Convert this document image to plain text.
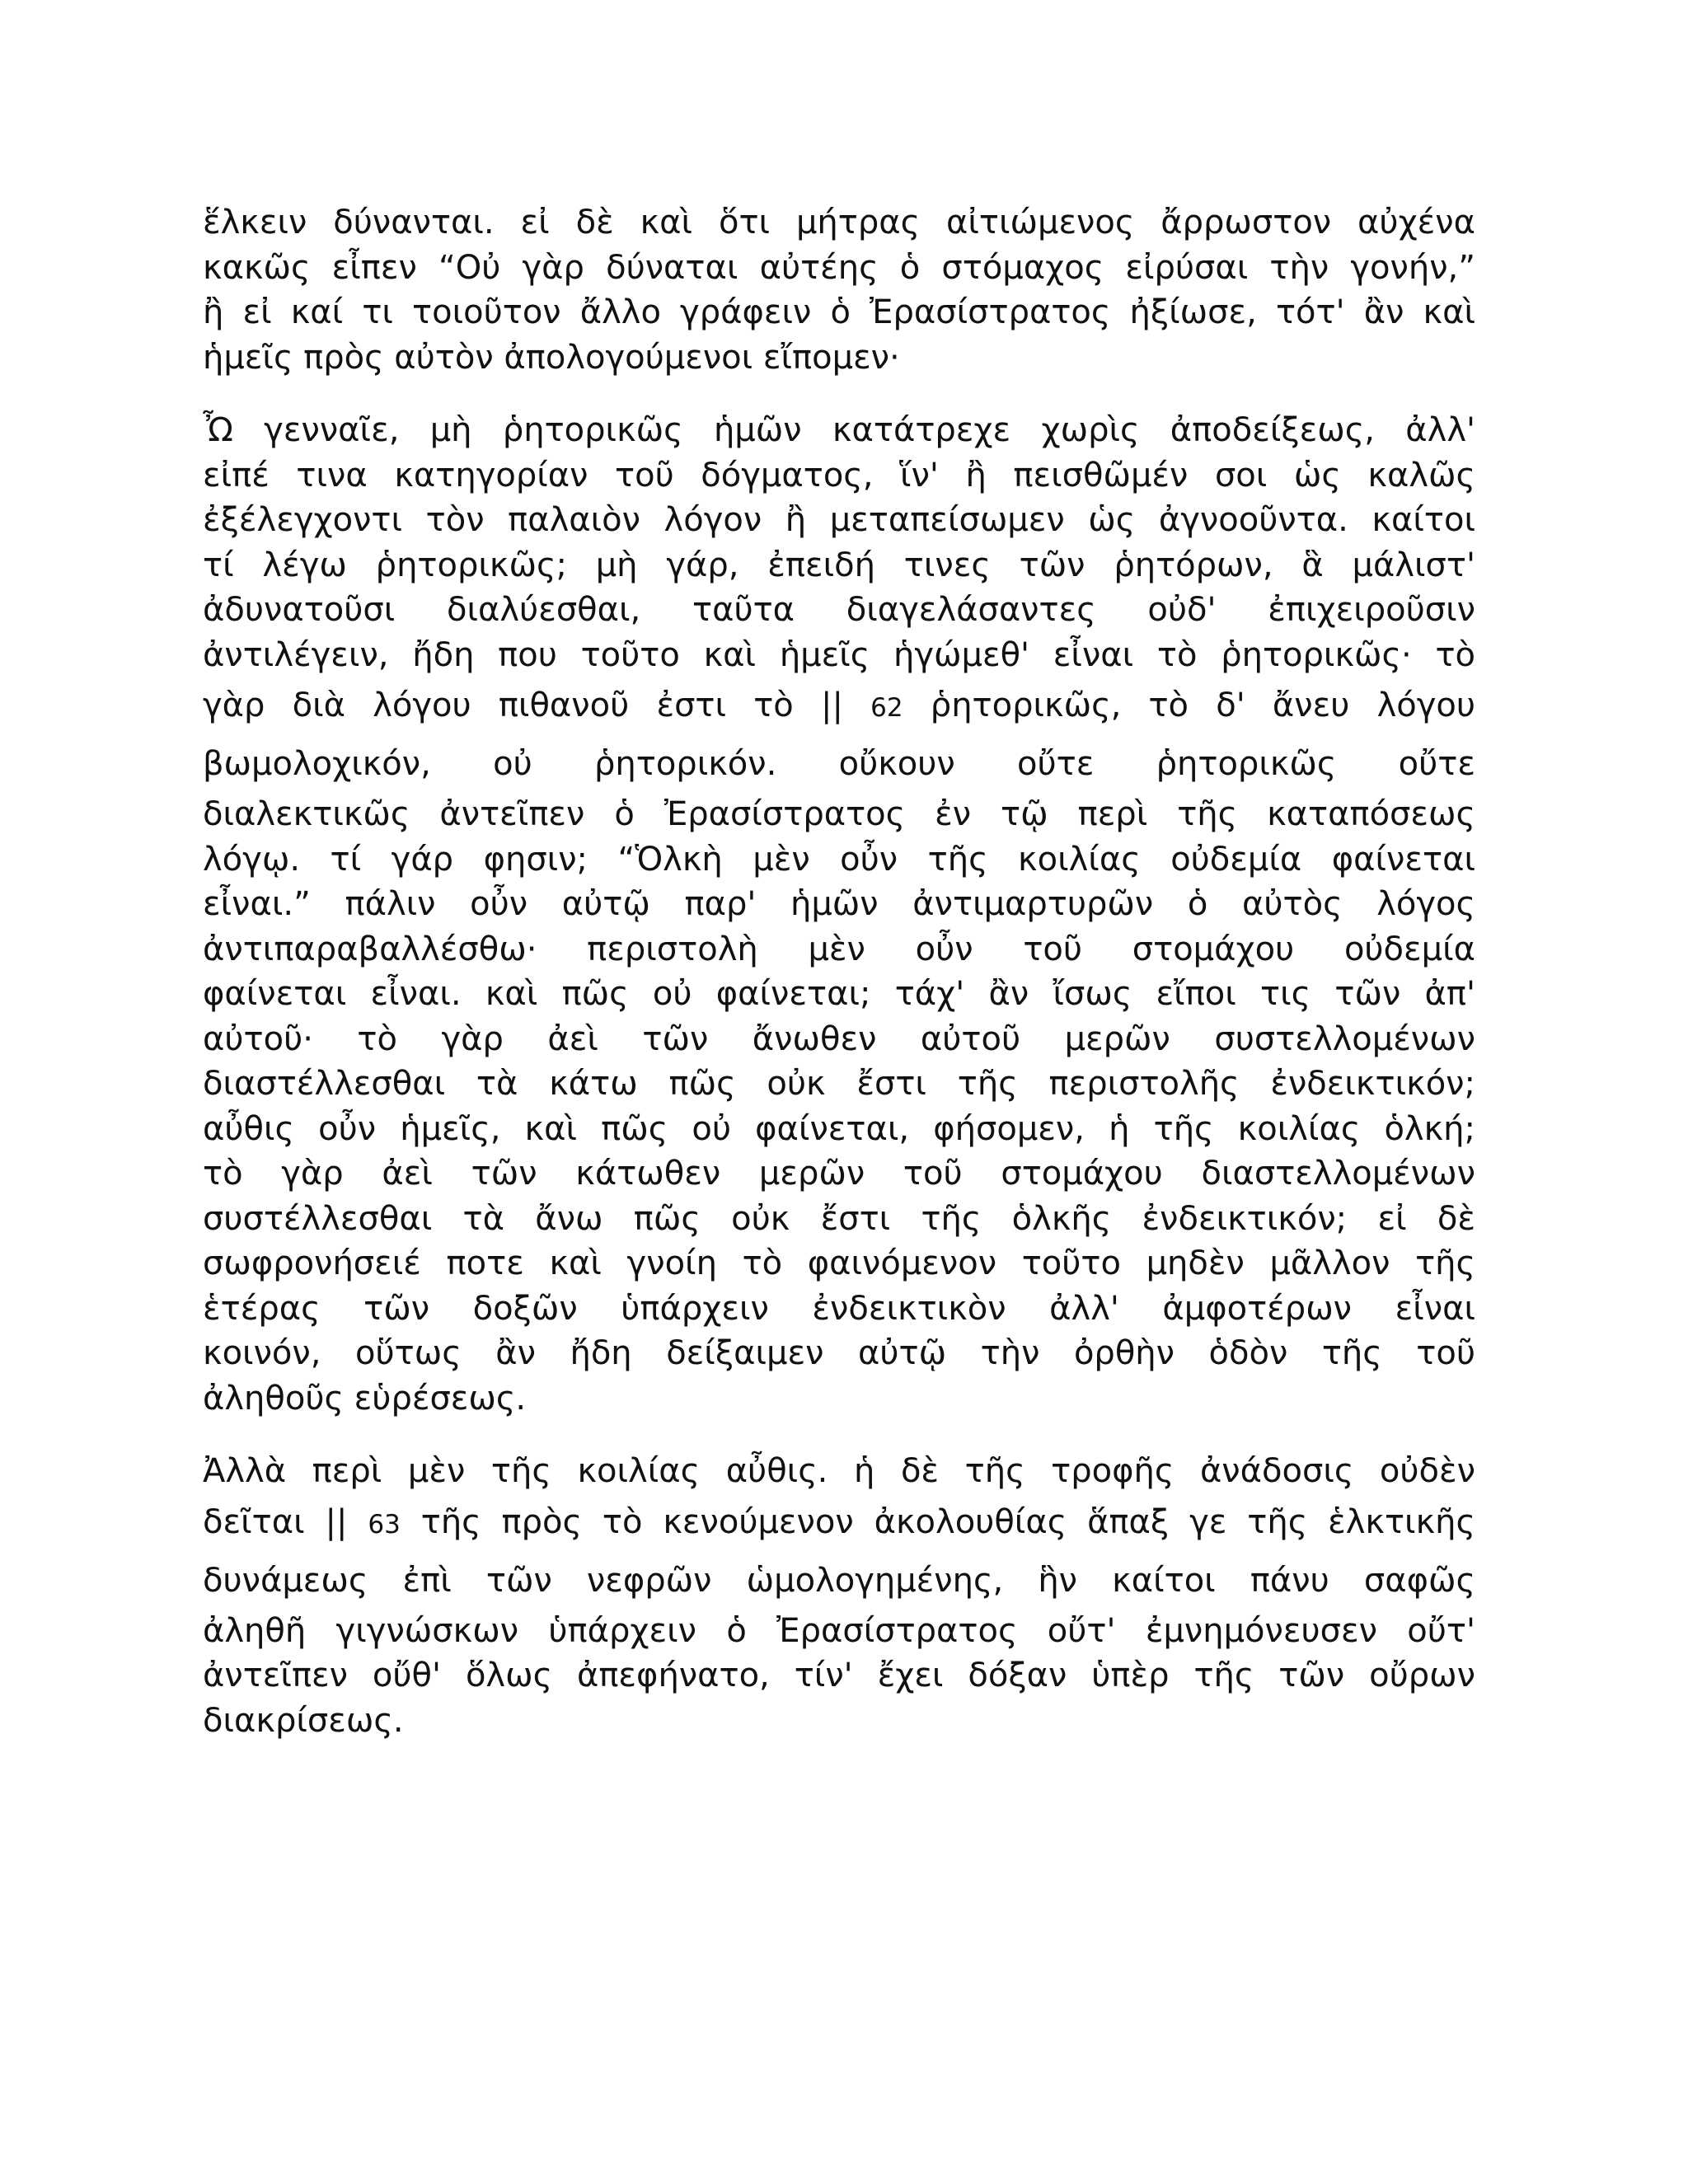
ἕλκειν δύνανται. εἰ δὲ καὶ ὅτι μήτρας αἰτιώμενος ἄρρωστον αὐχένα
κακῶς εἶπεν “Οὐ γὰρ δύναται αὐτέης ὁ στόμαχος εἰρύσαι τὴν γονήν,”
ἢ εἰ καί τι τοιοῦτον ἄλλο γράφειν ὁ Ἐρασίστρατος ἠξίωσε, τότ' ἂν καὶ
ἡμεῖς πρὸς αὐτὸν ἀπολογούμενοι εἴπομεν·

Ὦ γενναῖε, μὴ ῥητορικῶς ἡμῶν κατάτρεχε χωρὶς ἀποδείξεως, ἀλλ'
εἰπέ τινα κατηγορίαν τοῦ δόγματος, ἵν' ἢ πεισθῶμέν σοι ὡς καλῶς
ἐξέλεγχοντι τὸν παλαιὸν λόγον ἢ μεταπείσωμεν ὡς ἀγνοοῦντα. καίτοι
τί λέγω ῥητορικῶς; μὴ γάρ, ἐπειδή τινες τῶν ῥητόρων, ἃ μάλιστ'
ἀδυνατοῦσι διαλύεσθαι, ταῦτα διαγελάσαντες οὐδ' ἐπιχειροῦσιν
ἀντιλέγειν, ἤδη που τοῦτο καὶ ἡμεῖς ἡγώμεθ' εἶναι τὸ ῥητορικῶς· τὸ
γὰρ διὰ λόγου πιθανοῦ ἐστι τὸ || 62 ῥητορικῶς, τὸ δ' ἄνευ λόγου
βωμολοχικόν, οὐ ῥητορικόν. οὔκουν οὔτε ῥητορικῶς οὔτε
διαλεκτικῶς ἀντεῖπεν ὁ Ἐρασίστρατος ἐν τῷ περὶ τῆς καταπόσεως
λόγῳ. τί γάρ φησιν; “Ὁλκὴ μὲν οὖν τῆς κοιλίας οὐδεμία φαίνεται
εἶναι.” πάλιν οὖν αὐτῷ παρ' ἡμῶν ἀντιμαρτυρῶν ὁ αὐτὸς λόγος
ἀντιπαραβαλλέσθω· περιστολὴ μὲν οὖν τοῦ στομάχου οὐδεμία
φαίνεται εἶναι. καὶ πῶς οὐ φαίνεται; τάχ' ἂν ἴσως εἴποι τις τῶν ἀπ'
αὐτοῦ· τὸ γὰρ ἀεὶ τῶν ἄνωθεν αὐτοῦ μερῶν συστελλομένων
διαστέλλεσθαι τὰ κάτω πῶς οὐκ ἔστι τῆς περιστολῆς ἐνδεικτικόν;
αὖθις οὖν ἡμεῖς, καὶ πῶς οὐ φαίνεται, φήσομεν, ἡ τῆς κοιλίας ὁλκή;
τὸ γὰρ ἀεὶ τῶν κάτωθεν μερῶν τοῦ στομάχου διαστελλομένων
συστέλλεσθαι τὰ ἄνω πῶς οὐκ ἔστι τῆς ὁλκῆς ἐνδεικτικόν; εἰ δὲ
σωφρονήσειέ ποτε καὶ γνοίη τὸ φαινόμενον τοῦτο μηδὲν μᾶλλον τῆς
ἑτέρας τῶν δοξῶν ὑπάρχειν ἐνδεικτικὸν ἀλλ' ἀμφοτέρων εἶναι
κοινόν, οὕτως ἂν ἤδη δείξαιμεν αὐτῷ τὴν ὀρθὴν ὁδὸν τῆς τοῦ
ἀληθοῦς εὑρέσεως.

Ἀλλὰ περὶ μὲν τῆς κοιλίας αὖθις. ἡ δὲ τῆς τροφῆς ἀνάδοσις οὐδὲν
δεῖται || 63 τῆς πρὸς τὸ κενούμενον ἀκολουθίας ἅπαξ γε τῆς ἑλκτικῆς
δυνάμεως ἐπὶ τῶν νεφρῶν ὡμολογημένης, ἣν καίτοι πάνυ σαφῶς
ἀληθῆ γιγνώσκων ὑπάρχειν ὁ Ἐρασίστρατος οὔτ' ἐμνημόνευσεν οὔτ'
ἀντεῖπεν οὔθ' ὅλως ἀπεφήνατο, τίν' ἔχει δόξαν ὑπὲρ τῆς τῶν οὔρων
διακρίσεως.
